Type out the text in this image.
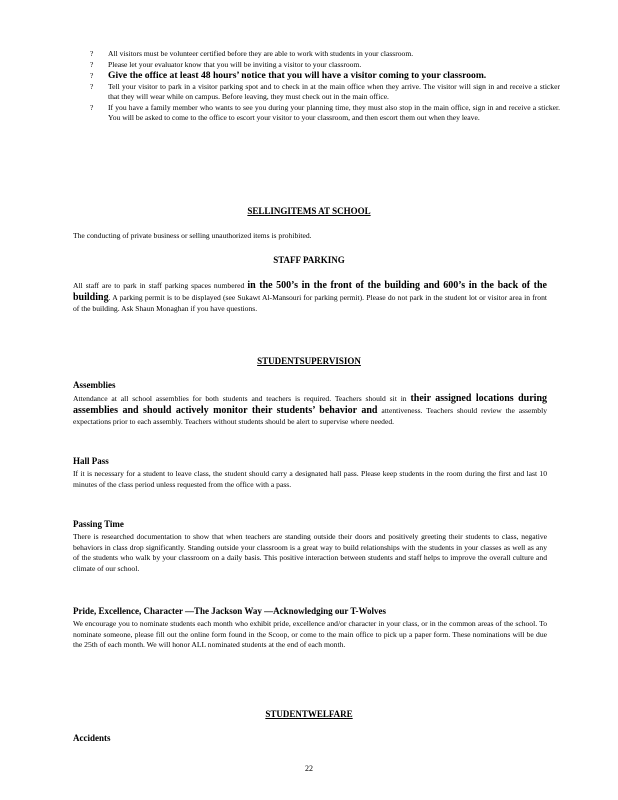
? All visitors must be volunteer certified before they are able to work with students in your classroom.
? Please let your evaluator know that you will be inviting a visitor to your classroom.
? Give the office at least 48 hours’ notice that you will have a visitor coming to your classroom.
? Tell your visitor to park in a visitor parking spot and to check in at the main office when they arrive. The visitor will sign in and receive a sticker that they will wear while on campus. Before leaving, they must check out in the main office.
? If you have a family member who wants to see you during your planning time, they must also stop in the main office, sign in and receive a sticker. You will be asked to come to the office to escort your visitor to your classroom, and then escort them out when they leave.
SELLINGITEMS AT SCHOOL
The conducting of private business or selling unauthorized items is prohibited.
STAFF PARKING
All staff are to park in staff parking spaces numbered in the 500’s in the front of the building and 600’s in the back of the building. A parking permit is to be displayed (see Sukawt Al-Mansouri for parking permit). Please do not park in the student lot or visitor area in front of the building. Ask Shaun Monaghan if you have questions.
STUDENTSUPERVISION
Assemblies
Attendance at all school assemblies for both students and teachers is required. Teachers should sit in their assigned locations during assemblies and should actively monitor their students’ behavior and attentiveness. Teachers should review the assembly expectations prior to each assembly. Teachers without students should be alert to supervise where needed.
Hall Pass
If it is necessary for a student to leave class, the student should carry a designated hall pass. Please keep students in the room during the first and last 10 minutes of the class period unless requested from the office with a pass.
Passing Time
There is researched documentation to show that when teachers are standing outside their doors and positively greeting their students to class, negative behaviors in class drop significantly. Standing outside your classroom is a great way to build relationships with the students in your classes as well as any of the students who walk by your classroom on a daily basis. This positive interaction between students and staff helps to improve the overall culture and climate of our school.
Pride, Excellence, Character —The Jackson Way —Acknowledging our T-Wolves
We encourage you to nominate students each month who exhibit pride, excellence and/or character in your class, or in the common areas of the school. To nominate someone, please fill out the online form found in the Scoop, or come to the main office to pick up a paper form. These nominations will be due the 25th of each month. We will honor ALL nominated students at the end of each month.
STUDENTWELFARE
Accidents
22
